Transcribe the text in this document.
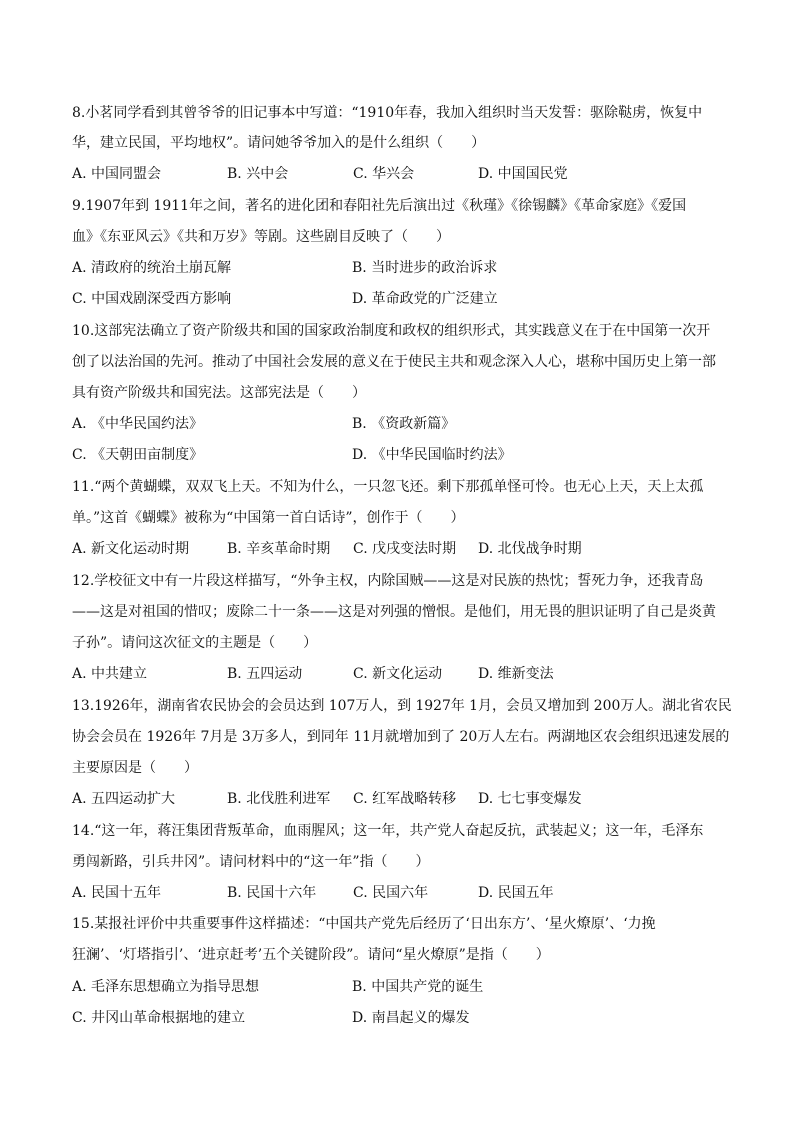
8.小茗同学看到其曾爷爷的旧记事本中写道：“1910年春，我加入组织时当天发誓：驱除鞑虏，恢复中
华，建立民国，平均地权”。请问她爷爷加入的是什么组织（　　）
A. 中国同盟会	B. 兴中会	C. 华兴会	D. 中国国民党
9.1907年到 1911年之间，著名的进化团和春阳社先后演出过《秋瑾》《徐锡麟》《革命家庭》《爱国
血》《东亚风云》《共和万岁》等剧。这些剧目反映了（　　）
A. 清政府的统治土崩瓦解	B. 当时进步的政治诉求
C. 中国戏剧深受西方影响	D. 革命政党的广泛建立
10.这部宪法确立了资产阶级共和国的国家政治制度和政权的组织形式，其实践意义在于在中国第一次开
创了以法治国的先河。推动了中国社会发展的意义在于使民主共和观念深入人心，堪称中国历史上第一部
具有资产阶级共和国宪法。这部宪法是（　　）
A. 《中华民国约法》	B. 《资政新篇》
C. 《天朝田亩制度》	D. 《中华民国临时约法》
11.“两个黄蝴蝶，双双飞上天。不知为什么，一只忽飞还。剩下那孤单怪可怜。也无心上天，天上太孤
单。”这首《蝴蝶》被称为“中国第一首白话诗”，创作于（　　）
A. 新文化运动时期	B. 辛亥革命时期 C. 戊戌变法时期 D. 北伐战争时期
12.学校征文中有一片段这样描写，“外争主权，内除国贼——这是对民族的热忱；誓死力争，还我青岛
——这是对祖国的惜叹；废除二十一条——这是对列强的憎恨。是他们，用无畏的胆识证明了自己是炎黄
子孙”。请问这次征文的主题是（　　）
A. 中共建立	B. 五四运动	C. 新文化运动	D. 维新变法
13.1926年，湖南省农民协会的会员达到 107万人，到 1927年 1月，会员又增加到 200万人。湖北省农民
协会会员在 1926年 7月是 3万多人，到同年 11月就增加到了 20万人左右。两湖地区农会组织迅速发展的
主要原因是（　　）
A. 五四运动扩大	B. 北伐胜利进军 C. 红军战略转移 D. 七七事变爆发
14.“这一年，蒋汪集团背叛革命，血雨腥风；这一年，共产党人奋起反抗，武装起义；这一年，毛泽东
勇闯新路，引兵井冈”。请问材料中的“这一年”指（　　）
A. 民国十五年	B. 民国十六年	C. 民国六年	D. 民国五年
15.某报社评价中共重要事件这样描述：“中国共产党先后经历了‘日出东方’、‘星火燎原’、‘力挽
狂澜’、‘灯塔指引’、‘进京赶考’五个关键阶段”。请问“星火燎原”是指（　　）
A. 毛泽东思想确立为指导思想	B. 中国共产党的诞生
C. 井冈山革命根据地的建立	D. 南昌起义的爆发
